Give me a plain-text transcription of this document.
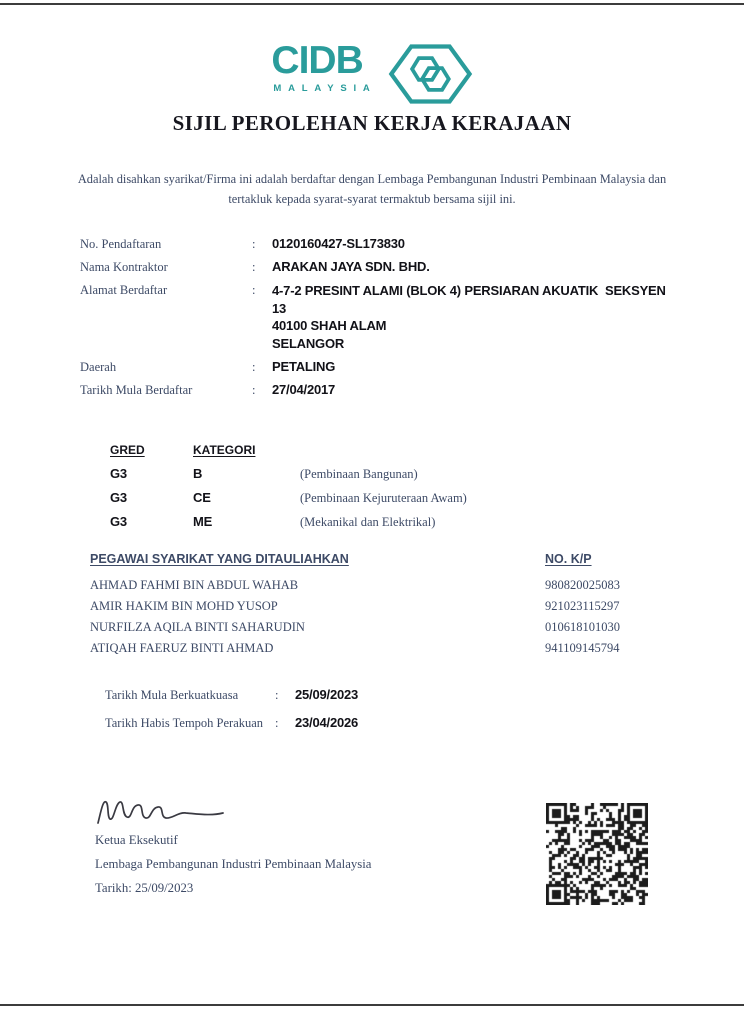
CIDB
MALAYSIA
SIJIL PEROLEHAN KERJA KERAJAAN

Adalah disahkan syarikat/Firma ini adalah berdaftar dengan Lembaga Pembangunan Industri Pembinaan Malaysia dan tertakluk kepada syarat-syarat termaktub bersama sijil ini.

No. Pendaftaran	:	0120160427-SL173830
Nama Kontraktor	:	ARAKAN JAYA SDN. BHD.
Alamat Berdaftar	:	4-7-2 PRESINT ALAMI (BLOK 4) PERSIARAN AKUATIK  SEKSYEN
13
40100 SHAH ALAM
SELANGOR
Daerah	:	PETALING
Tarikh Mula Berdaftar	:	27/04/2017
GRED	KATEGORI
G3	B	(Pembinaan Bangunan)
G3	CE	(Pembinaan Kejuruteraan Awam)
G3	ME	(Mekanikal dan Elektrikal)
PEGAWAI SYARIKAT YANG DITAULIAHKAN	NO. K/P
AHMAD FAHMI BIN ABDUL WAHAB	980820025083
AMIR HAKIM BIN MOHD YUSOP	921023115297
NURFILZA AQILA BINTI SAHARUDIN	010618101030
ATIQAH FAERUZ BINTI AHMAD	941109145794
Tarikh Mula Berkuatkuasa	:	25/09/2023
Tarikh Habis Tempoh Perakuan :	23/04/2026
Ketua Eksekutif
Lembaga Pembangunan Industri Pembinaan Malaysia
Tarikh: 25/09/2023
